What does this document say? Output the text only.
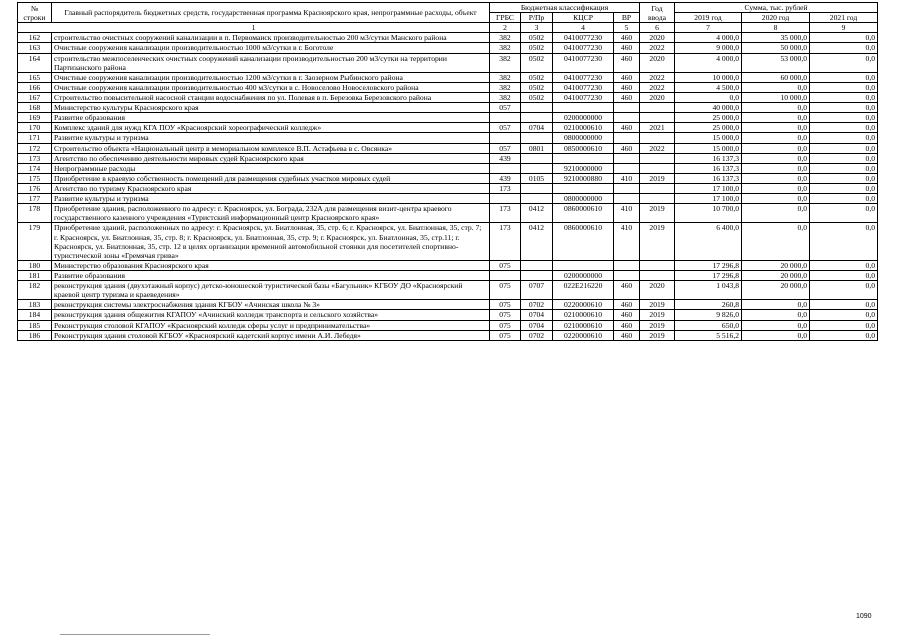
№ строки	Главный распорядитель бюджетных средств, государственная программа Красноярского края, непрограммные расходы, объект	Бюджетная классификация				Год ввода	Сумма, тыс. рублей		
		ГРБС	Р/Пр	КЦСР	ВР		2019 год	2020 год	2021 год
1		2	3	4	5	6	7	8	9
162	строительство очистных сооружений канализации в п. Первомаиск производительностью 200 м3/сутки Манского района	382	0502	0410077230	460	2020	4 000,0	35 000,0	0,0
163	Очистные сооружения канализации производительностью 1000 м3/сутки в г. Боготоле	382	0502	0410077230	460	2022	9 000,0	50 000,0	0,0
164	строительство межпоселенческих очистных сооружений канализации производительностью 200 м3/сутки на территории Партизанского района	382	0502	0410077230	460	2020	4 000,0	53 000,0	0,0
165	Очистные сооружения канализации производительностью 1200 м3/сутки в г. Заозерном Рыбинского района	382	0502	0410077230	460	2022	10 000,0	60 000,0	0,0
166	Очистные сооружения канализации производительностью 400 м3/сутки в с. Новоселово Новоселовского района	382	0502	0410077230	460	2022	4 500,0	0,0	0,0
167	Строительство повысительной насосной станции водоснабжения по ул. Полевая в п. Березовка Березовского района	382	0502	0410077230	460	2020	0,0	10 000,0	0,0
168	Министерство культуры Красноярского края	057					40 000,0	0,0	0,0
169	Развитие образования			0200000000			25 000,0	0,0	0,0
170	Комплекс зданий для нужд КГА ПОУ «Красноярский хореографический колледж»	057	0704	0210000610	460	2021	25 000,0	0,0	0,0
171	Развитие культуры и туризма			0800000000			15 000,0	0,0	0,0
172	Строительство объекта «Национальный центр в мемориальном комплексе В.П. Астафьева в с. Овсянка»	057	0801	0850000610	460	2022	15 000,0	0,0	0,0
173	Агентство по обеспечению деятельности мировых судей Красноярского края	439					16 137,3	0,0	0,0
174	Непрограммные расходы			9210000000			16 137,3	0,0	0,0
175	Приобретение в краевую собственность помещений для размещения судебных участков мировых судей	439	0105	9210000880	410	2019	16 137,3	0,0	0,0
176	Агентство по туризму Красноярского края	173					17 100,0	0,0	0,0
177	Развитие культуры и туризма			0800000000			17 100,0	0,0	0,0
178	Приобретение здания, расположенного по адресу: г. Красноярск, ул. Бограда, 232А для размещения визит-центра краевого государственного казенного учреждения «Туристский информационный центр Красноярского края»	173	0412	0860000610	410	2019	10 700,0	0,0	0,0
179	Приобретение зданий, расположенных по адресу: г. Красноярск, ул. Биатлонная, 35, стр. 6; г. Красноярск, ул. Биатлонная, 35, стр. 7; г. Красноярск, ул. Биатлонная, 35, стр. 8; г. Красноярск, ул. Биатлонная, 35, стр. 9; г. Красноярск, ул. Биатлонная, 35, стр.11; г. Красноярск, ул. Биатлонная, 35, стр. 12 в целях организации временной автомобильной стоянки для посетителей спортивно-туристической зоны «Гремячая грива»	173	0412	0860000610	410	2019	6 400,0	0,0	0,0
180	Министерство образования Красноярского края	075					17 296,8	20 000,0	0,0
181	Развитие образования			0200000000			17 296,8	20 000,0	0,0
182	реконструкция здания (двухэтажный корпус) детско-юношеской туристической базы «Багульник» КГБОУ ДО «Красноярский краевой центр туризма и краеведения»	075	0707	022E216220	460	2020	1 043,8	20 000,0	0,0
183	реконструкция системы электроснабжения здания КГБОУ «Ачинская школа № 3»	075	0702	0220000610	460	2019	260,8	0,0	0,0
184	реконструкция здания общежития КГАПОУ «Ачинский колледж транспорта и сельского хозяйства»	075	0704	0210000610	460	2019	9 826,0	0,0	0,0
185	Реконструкция столовой КГАПОУ «Красноярский колледж сферы услуг и предпринимательства»	075	0704	0210000610	460	2019	650,0	0,0	0,0
186	Реконструкция здания столовой КГБОУ «Красноярский кадетский корпус имени А.И. Лебедя»	075	0702	0220000610	460	2019	5 516,2	0,0	0,0
1090
